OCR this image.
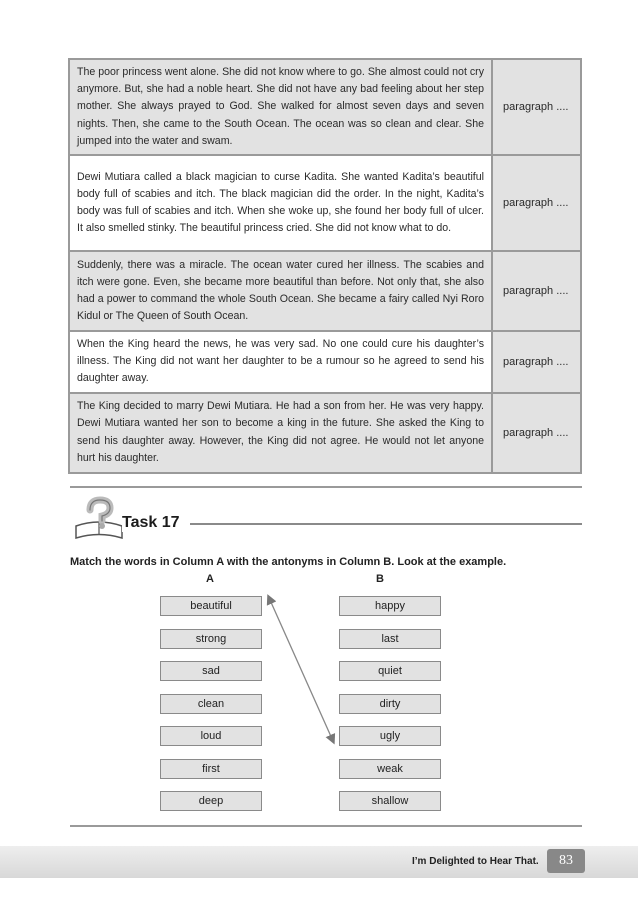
The poor princess went alone. She did not know where to go. She almost could not cry anymore. But, she had a noble heart. She did not have any bad feeling about her step mother. She always prayed to God. She walked for almost seven days and seven nights. Then, she came to the South Ocean. The ocean was so clean and clear. She jumped into the water and swam.	paragraph ....
Dewi Mutiara called a black magician to curse Kadita. She wanted Kadita’s beautiful body full of scabies and itch. The black magician did the order. In the night, Kadita’s body was full of scabies and itch. When she woke up, she found her body full of ulcer. It also smelled stinky. The beautiful princess cried. She did not know what to do.	paragraph ....
Suddenly, there was a miracle. The ocean water cured her illness. The scabies and itch were gone. Even, she became more beautiful than before. Not only that, she also had a power to command the whole South Ocean. She became a fairy called Nyi Roro Kidul or The Queen of South Ocean.	paragraph ....
When the King heard the news, he was very sad. No one could cure his daughter’s illness. The King did not want her daughter to be a rumour so he agreed to send his daughter away.	paragraph ....
The King decided to marry Dewi Mutiara. He had a son from her. He was very happy. Dewi Mutiara wanted her son to become a king in the future. She asked the King to send his daughter away. However, the King did not agree. He would not let anyone hurt his daughter.	paragraph ....
Task 17
Match the words in Column A with the antonyms in Column B. Look at the example.
A	B
beautiful
strong
sad
clean
loud
first
deep
happy
last
quiet
dirty
ugly
weak
shallow
I’m Delighted to Hear That.	83
